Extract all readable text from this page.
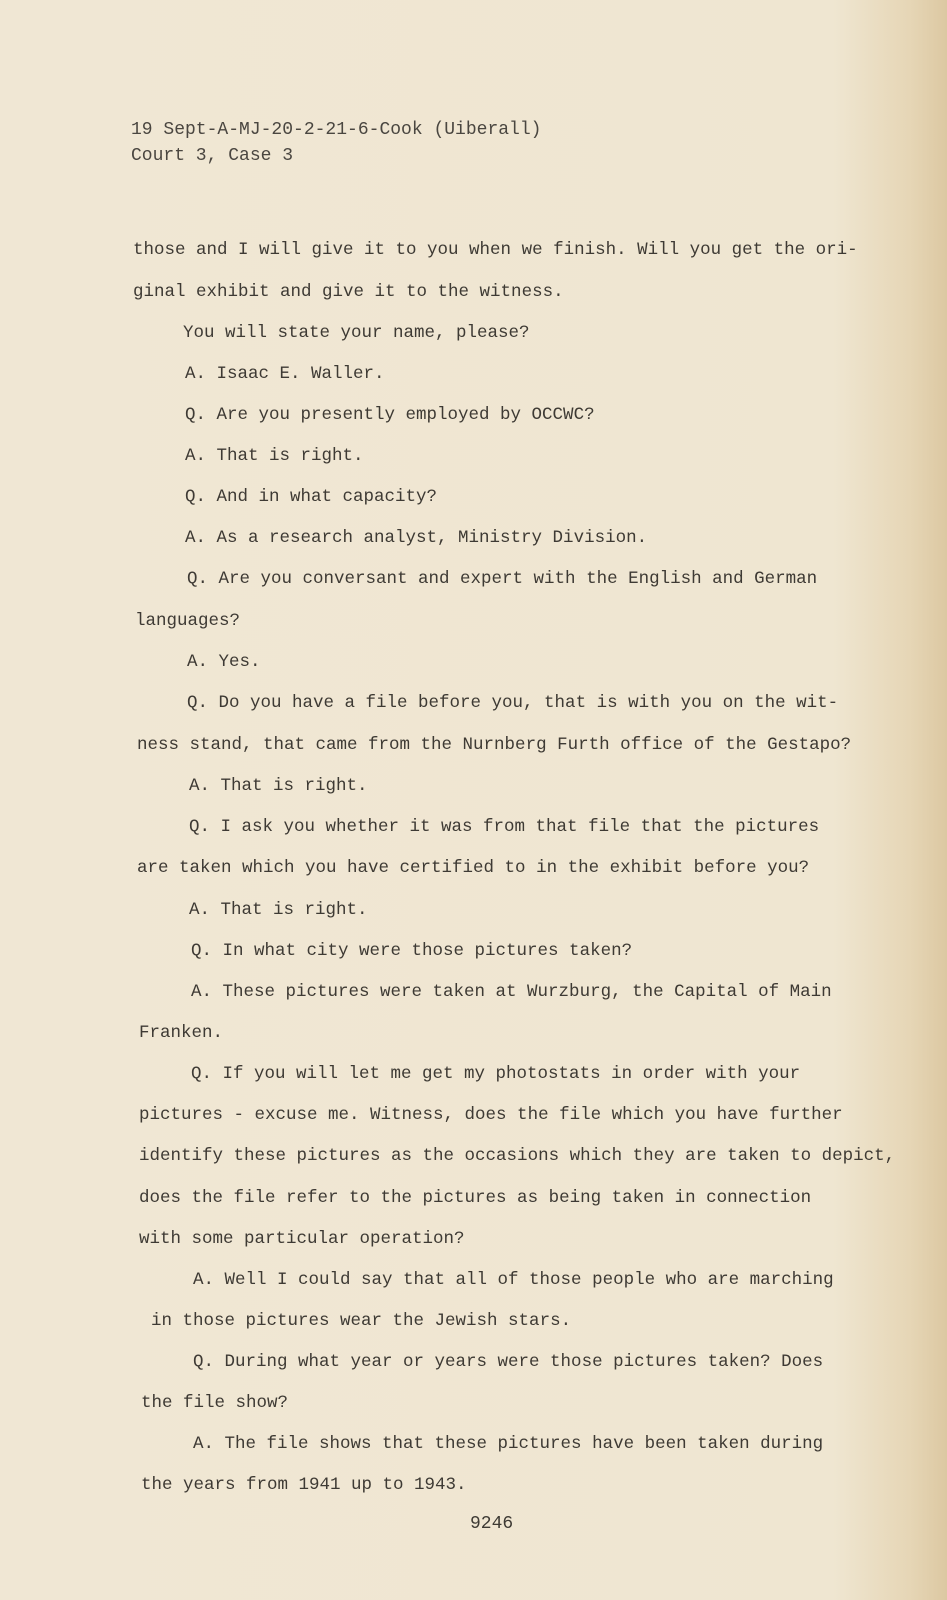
19 Sept-A-MJ-20-2-21-6-Cook (Uiberall)
Court 3, Case 3
those and I will give it to you when we finish. Will you get the ori-
ginal exhibit and give it to the witness.
You will state your name, please?
A. Isaac E. Waller.
Q. Are you presently employed by OCCWC?
A. That is right.
Q. And in what capacity?
A. As a research analyst, Ministry Division.
Q. Are you conversant and expert with the English and German
languages?
A. Yes.
Q. Do you have a file before you, that is with you on the wit-
ness stand, that came from the Nurnberg Furth office of the Gestapo?
A. That is right.
Q. I ask you whether it was from that file that the pictures
are taken which you have certified to in the exhibit before you?
A. That is right.
Q. In what city were those pictures taken?
A. These pictures were taken at Wurzburg, the Capital of Main
Franken.
Q. If you will let me get my photostats in order with your
pictures - excuse me. Witness, does the file which you have further
identify these pictures as the occasions which they are taken to depict,
does the file refer to the pictures as being taken in connection
with some particular operation?
A. Well I could say that all of those people who are marching
in those pictures wear the Jewish stars.
Q. During what year or years were those pictures taken? Does
the file show?
A. The file shows that these pictures have been taken during
the years from 1941 up to 1943.
9246
